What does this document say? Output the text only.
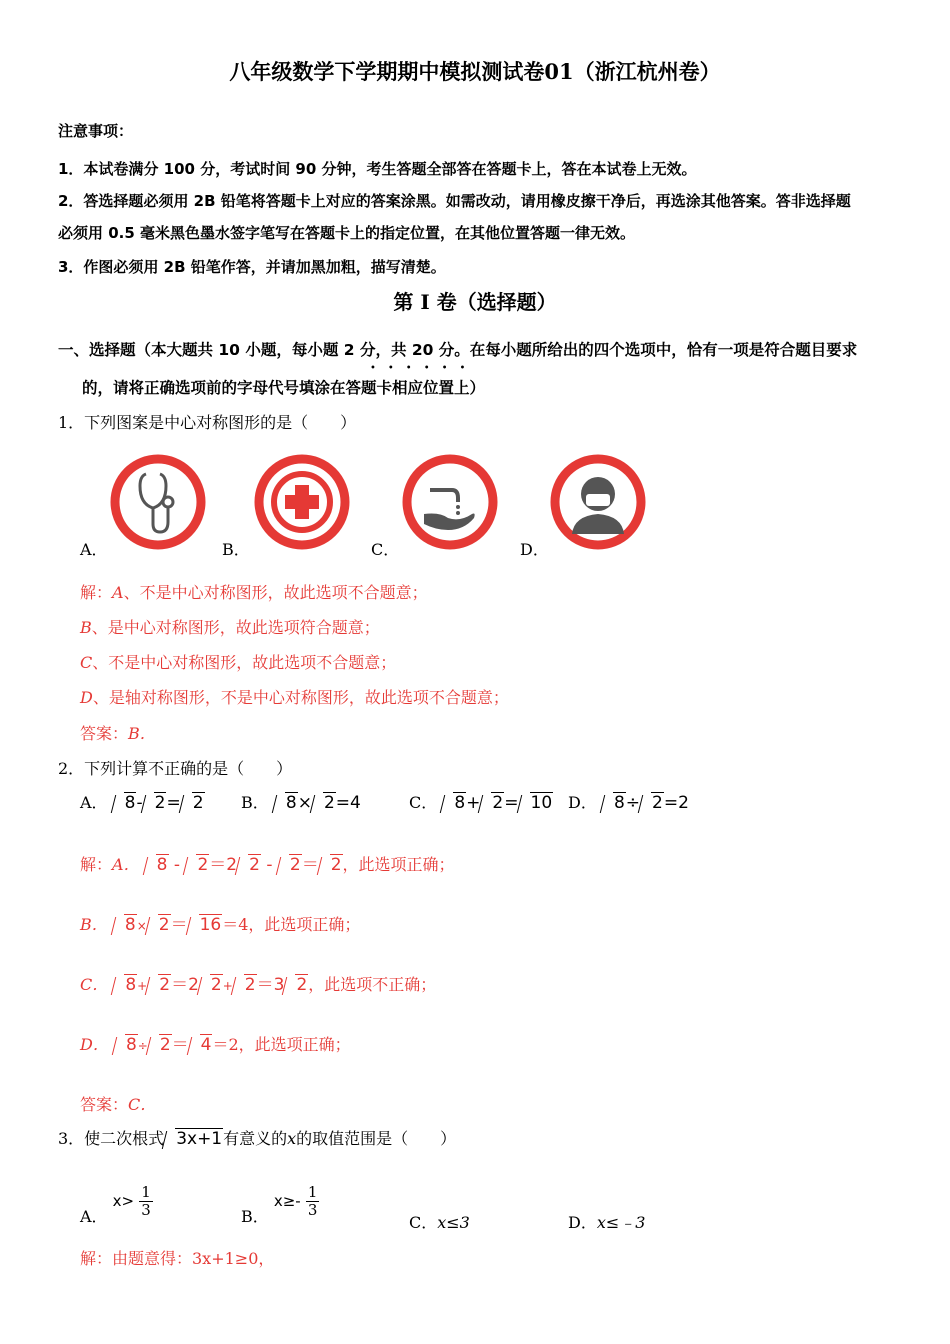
八年级数学下学期期中模拟测试卷01（浙江杭州卷）
注意事项：
1．本试卷满分 100 分，考试时间 90 分钟，考生答题全部答在答题卡上，答在本试卷上无效。
2．答选择题必须用 2B 铅笔将答题卡上对应的答案涂黑。如需改动，请用橡皮擦干净后，再选涂其他答案。答非选择题
必须用 0.5 毫米黑色墨水签字笔写在答题卡上的指定位置，在其他位置答题一律无效。
3．作图必须用 2B 铅笔作答，并请加黑加粗，描写清楚。
第 Ⅰ 卷（选择题）
一、选择题（本大题共 10 小题，每小题 2 分，共 20 分。在每小题所给出的四个选项中，恰有一项是符合题目要求
的，请将正确选项前的字母代号填涂在答题卡相应位置上）
••••••
1．下列图案是中心对称图形的是（　　）
A．	B．	C．	D．
解：A、不是中心对称图形，故此选项不合题意；
B、是中心对称图形，故此选项符合题意；
C、不是中心对称图形，故此选项不合题意；
D、是轴对称图形，不是中心对称图形，故此选项不合题意；
答案：B．
2．下列计算不正确的是（　　）
A． 8- 2= 2 B． 8× 2=4	C． 8+ 2= 10 D． 8÷ 2=2
解：A． 8 - 2＝2 2 - 2＝ 2，此选项正确；
B． 8× 2＝ 16＝4，此选项正确；
C． 8+ 2＝2 2+ 2＝3 2，此选项不正确；
D． 8÷ 2＝ 4＝2，此选项正确；
答案：C．
3．使二次根式 3x+1有意义的x的取值范围是（　　）
A． $x> \frac{1}{3}$	B． $x\ge- \frac{1}{3}$
C．x≤3	D．x≤﹣3
解：由题意得：3x+1≥0，
